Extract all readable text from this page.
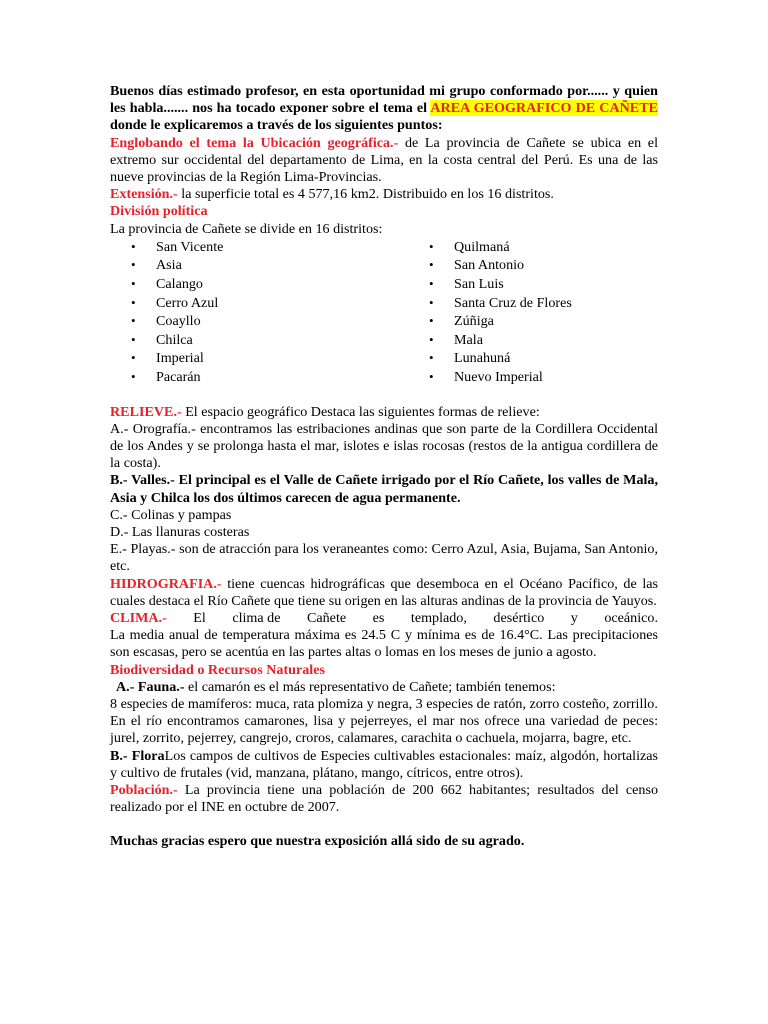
Buenos días estimado profesor, en esta oportunidad mi grupo conformado por...... y quien les habla....... nos ha tocado exponer sobre el tema el AREA GEOGRAFICO DE CAÑETE donde le explicaremos a través de los siguientes puntos:

Englobando el tema la Ubicación geográfica.- de La provincia de Cañete se ubica en el extremo sur occidental del departamento de Lima, en la costa central del Perú. Es una de las nueve provincias de la Región Lima-Provincias.

Extensión.- la superficie total es 4 577,16 km2. Distribuido en los 16 distritos.

División política

La provincia de Cañete se divide en 16 distritos:

• San Vicente
• Asia
• Calango
• Cerro Azul
• Coayllo
• Chilca
• Imperial
• Pacarán
• Quilmaná
• San Antonio
• San Luis
• Santa Cruz de Flores
• Zúñiga
• Mala
• Lunahuná
• Nuevo Imperial

RELIEVE.- El espacio geográfico Destaca las siguientes formas de relieve:

A.- Orografía.- encontramos las estribaciones andinas que son parte de la Cordillera Occidental de los Andes y se prolonga hasta el mar, islotes e islas rocosas (restos de la antigua cordillera de la costa).

B.- Valles.- El principal es el Valle de Cañete irrigado por el Río Cañete, los valles de Mala, Asia y Chilca los dos últimos carecen de agua permanente.

C.- Colinas y pampas

D.- Las llanuras costeras

E.- Playas.- son de atracción para los veraneantes como: Cerro Azul, Asia, Bujama, San Antonio, etc.

HIDROGRAFIA.- tiene cuencas hidrográficas que desemboca en el Océano Pacífico, de las cuales destaca el Río Cañete que tiene su origen en las alturas andinas de la provincia de Yauyos.

CLIMA.- El clima de Cañete es templado, desértico y oceánico.

La media anual de temperatura máxima es 24.5 C y mínima es de 16.4°C. Las precipitaciones son escasas, pero se acentúa en las partes altas o lomas en los meses de junio a agosto.

Biodiversidad o Recursos Naturales

A.- Fauna.- el camarón es el más representativo de Cañete; también tenemos:

8 especies de mamíferos: muca, rata plomiza y negra, 3 especies de ratón, zorro costeño, zorrillo.

En el río encontramos camarones, lisa y pejerreyes, el mar nos ofrece una variedad de peces: jurel, zorrito, pejerrey, cangrejo, croros, calamares, carachita o cachuela, mojarra, bagre, etc.

B.- FloraLos campos de cultivos de Especies cultivables estacionales: maíz, algodón, hortalizas y cultivo de frutales (vid, manzana, plátano, mango, cítricos, entre otros).

Población.- La provincia tiene una población de 200 662 habitantes; resultados del censo realizado por el INE en octubre de 2007.

Muchas gracias espero que nuestra exposición allá sido de su agrado.
